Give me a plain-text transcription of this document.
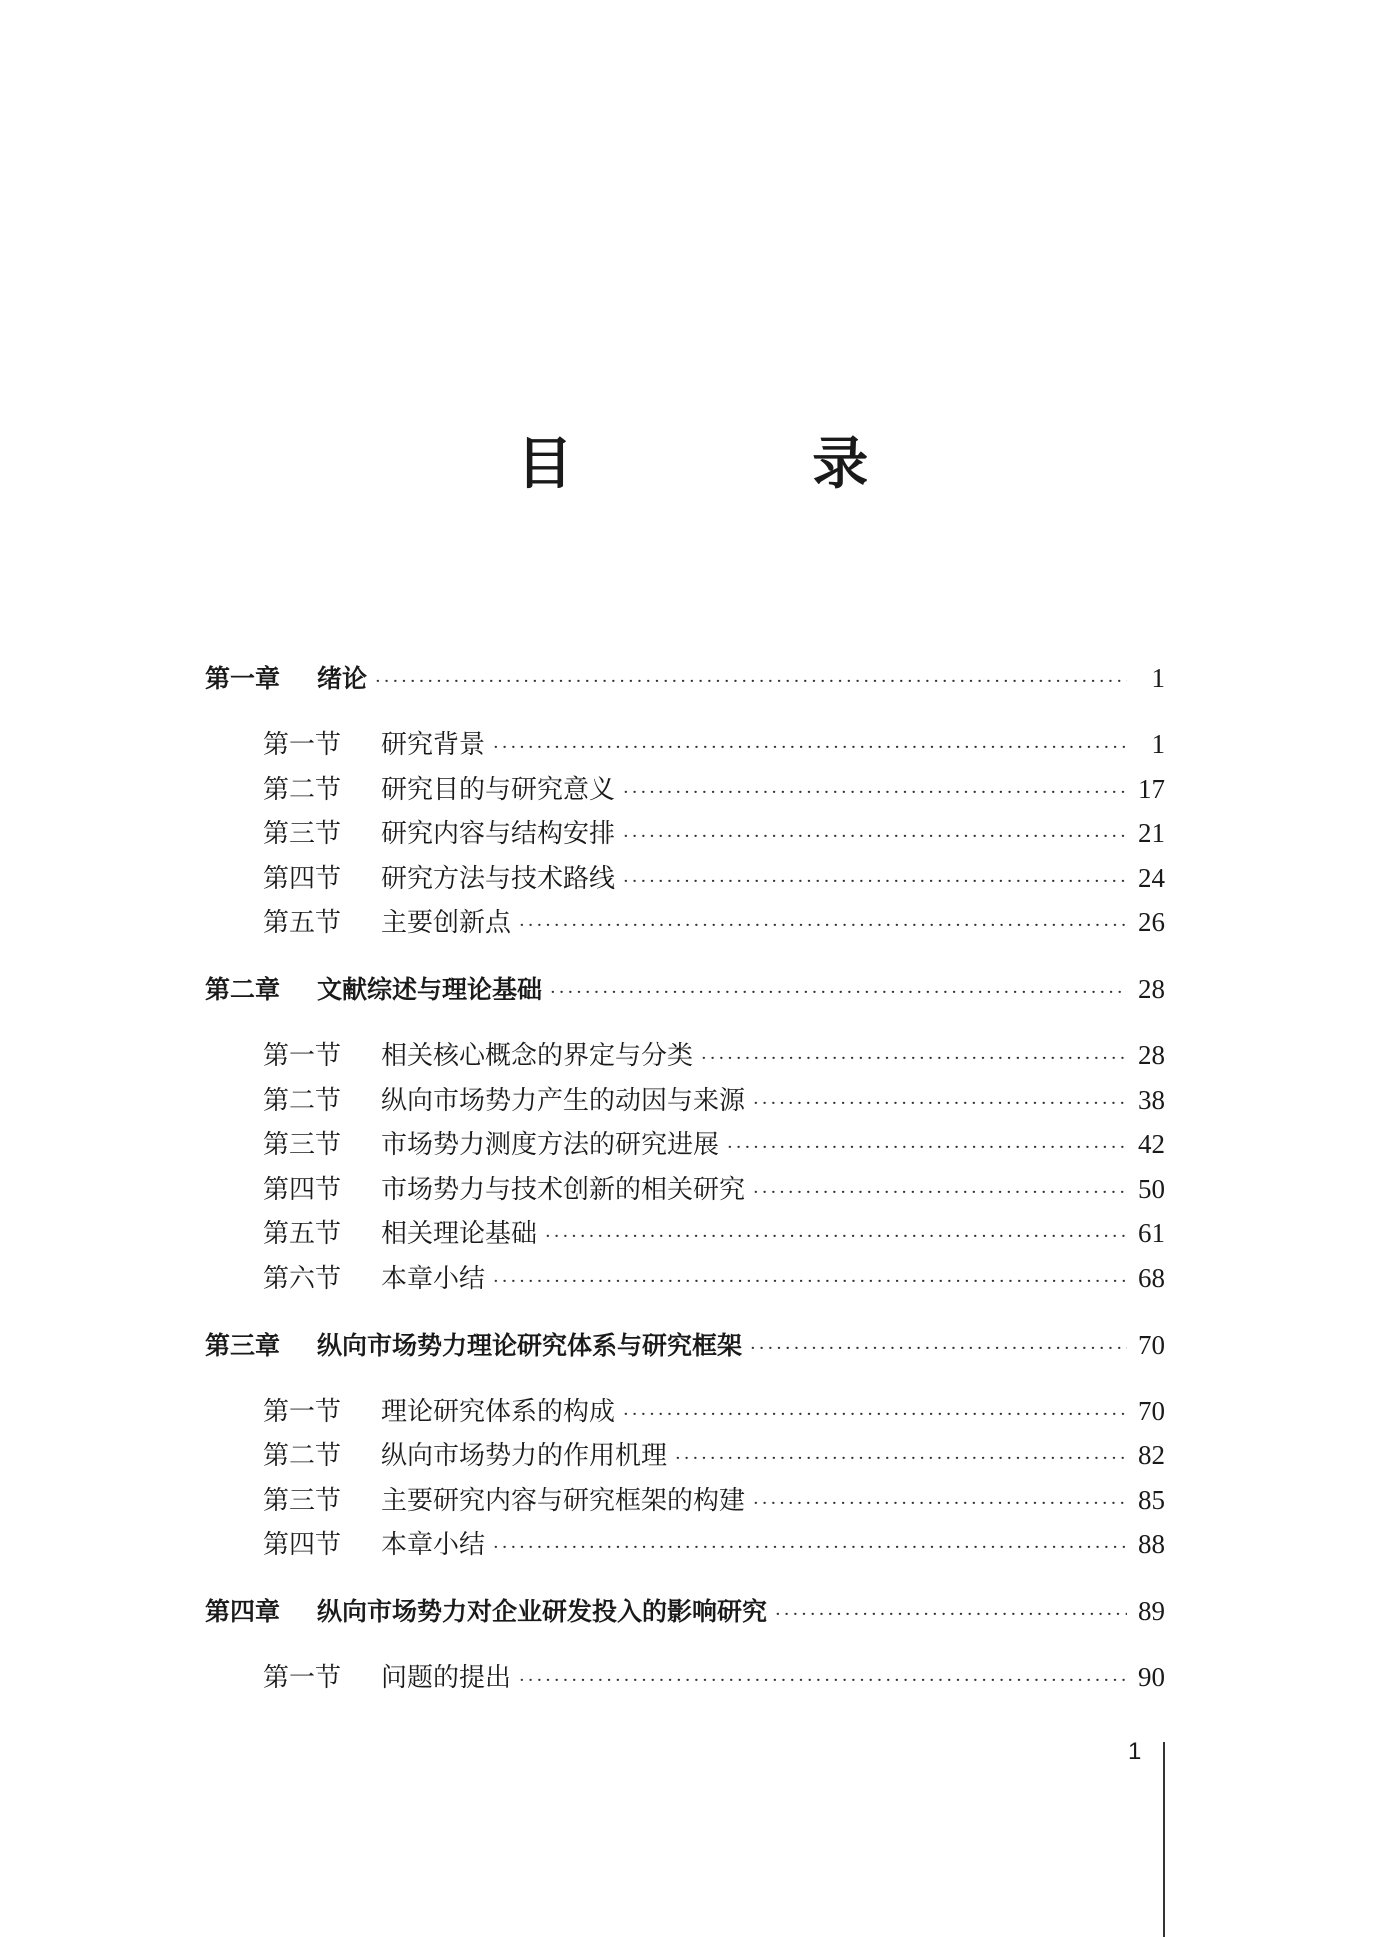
目 录
第一章	绪论 ·····	1
第一节	研究背景 ·····	1
第二节	研究目的与研究意义 ·····	17
第三节	研究内容与结构安排 ·····	21
第四节	研究方法与技术路线 ·····	24
第五节	主要创新点 ·····	26
第二章	文献综述与理论基础 ·····	28
第一节	相关核心概念的界定与分类 ·····	28
第二节	纵向市场势力产生的动因与来源 ·····	38
第三节	市场势力测度方法的研究进展 ·····	42
第四节	市场势力与技术创新的相关研究 ·····	50
第五节	相关理论基础 ·····	61
第六节	本章小结 ·····	68
第三章	纵向市场势力理论研究体系与研究框架 ·····	70
第一节	理论研究体系的构成 ·····	70
第二节	纵向市场势力的作用机理 ·····	82
第三节	主要研究内容与研究框架的构建 ·····	85
第四节	本章小结 ·····	88
第四章	纵向市场势力对企业研发投入的影响研究 ·····	89
第一节	问题的提出 ·····	90
1
